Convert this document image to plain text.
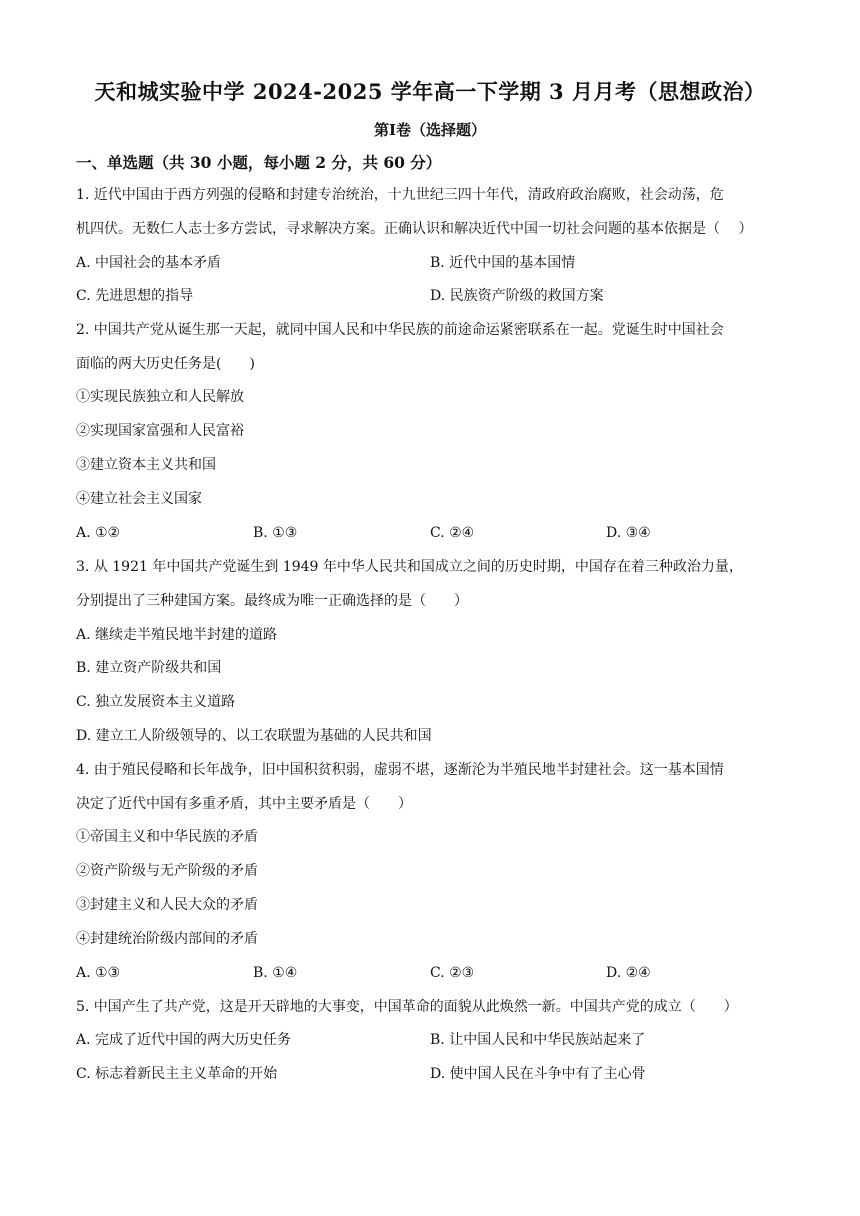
天和城实验中学 2024-2025 学年高一下学期 3 月月考（思想政治）
第Ⅰ卷（选择题）
一、单选题（共 30 小题，每小题 2 分，共 60 分）
1. 近代中国由于西方列强的侵略和封建专治统治，十九世纪三四十年代，清政府政治腐败，社会动荡，危
机四伏。无数仁人志士多方尝试，寻求解决方案。正确认识和解决近代中国一切社会问题的基本依据是（　 ）
A. 中国社会的基本矛盾	B. 近代中国的基本国情
C. 先进思想的指导	D. 民族资产阶级的救国方案
2. 中国共产党从诞生那一天起，就同中国人民和中华民族的前途命运紧密联系在一起。党诞生时中国社会
面临的两大历史任务是(　　)
①实现民族独立和人民解放
②实现国家富强和人民富裕
③建立资本主义共和国
④建立社会主义国家
A. ①②	B. ①③	C. ②④	D. ③④
3. 从 1921 年中国共产党诞生到 1949 年中华人民共和国成立之间的历史时期，中国存在着三种政治力量，
分别提出了三种建国方案。最终成为唯一正确选择的是（　　）
A. 继续走半殖民地半封建的道路
B. 建立资产阶级共和国
C. 独立发展资本主义道路
D. 建立工人阶级领导的、以工农联盟为基础的人民共和国
4. 由于殖民侵略和长年战争，旧中国积贫积弱，虚弱不堪，逐渐沦为半殖民地半封建社会。这一基本国情
决定了近代中国有多重矛盾，其中主要矛盾是（　　）
①帝国主义和中华民族的矛盾
②资产阶级与无产阶级的矛盾
③封建主义和人民大众的矛盾
④封建统治阶级内部间的矛盾
A. ①③	B. ①④	C. ②③	D. ②④
5. 中国产生了共产党，这是开天辟地的大事变，中国革命的面貌从此焕然一新。中国共产党的成立（　　）
A. 完成了近代中国的两大历史任务	B. 让中国人民和中华民族站起来了
C. 标志着新民主主义革命的开始	D. 使中国人民在斗争中有了主心骨
